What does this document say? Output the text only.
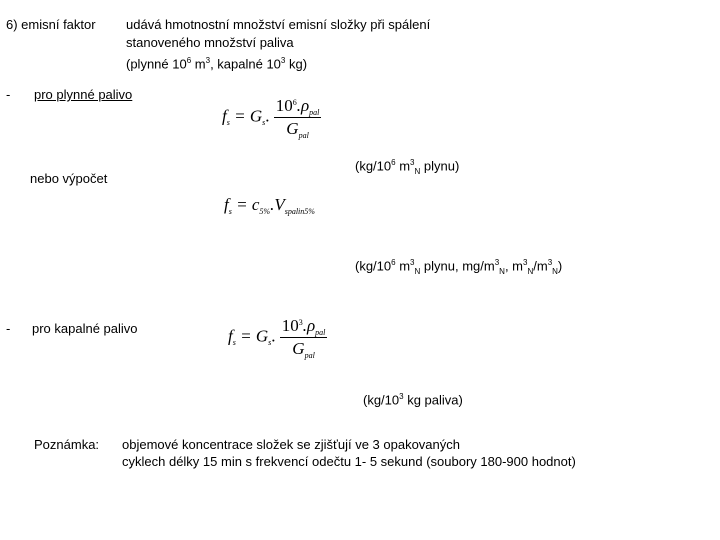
6) emisní faktor udává hmotnostní množství emisní složky při spálení
stanoveného množství paliva
(plynné $10^6$ $m^3$, kapalné $10^3$ kg)
- pro plynné palivo
$f_s = G_s$. $\frac{10^6.\rho_{pal}}{G_{pal}}$
($kg/10^6$ $m^3_N$ plynu)
nebo výpočet
$f_s = c_{5\%}.V_{spalin5\%}$
($kg/10^6$ $m^3_N$ plynu, $mg/m^3_N$, $m^3_N/m^3_N$)
- pro kapalné palivo	$f_s = G_s$. $\frac{10^3.\rho_{pal}}{G_{pal}}$
($kg/10^3$ kg paliva)
Poznámka: objemové koncentrace složek se zjišťují ve 3 opakovaných
cyklech délky 15 min s frekvencí odečtu 1- 5 sekund (soubory 180-900 hodnot)
